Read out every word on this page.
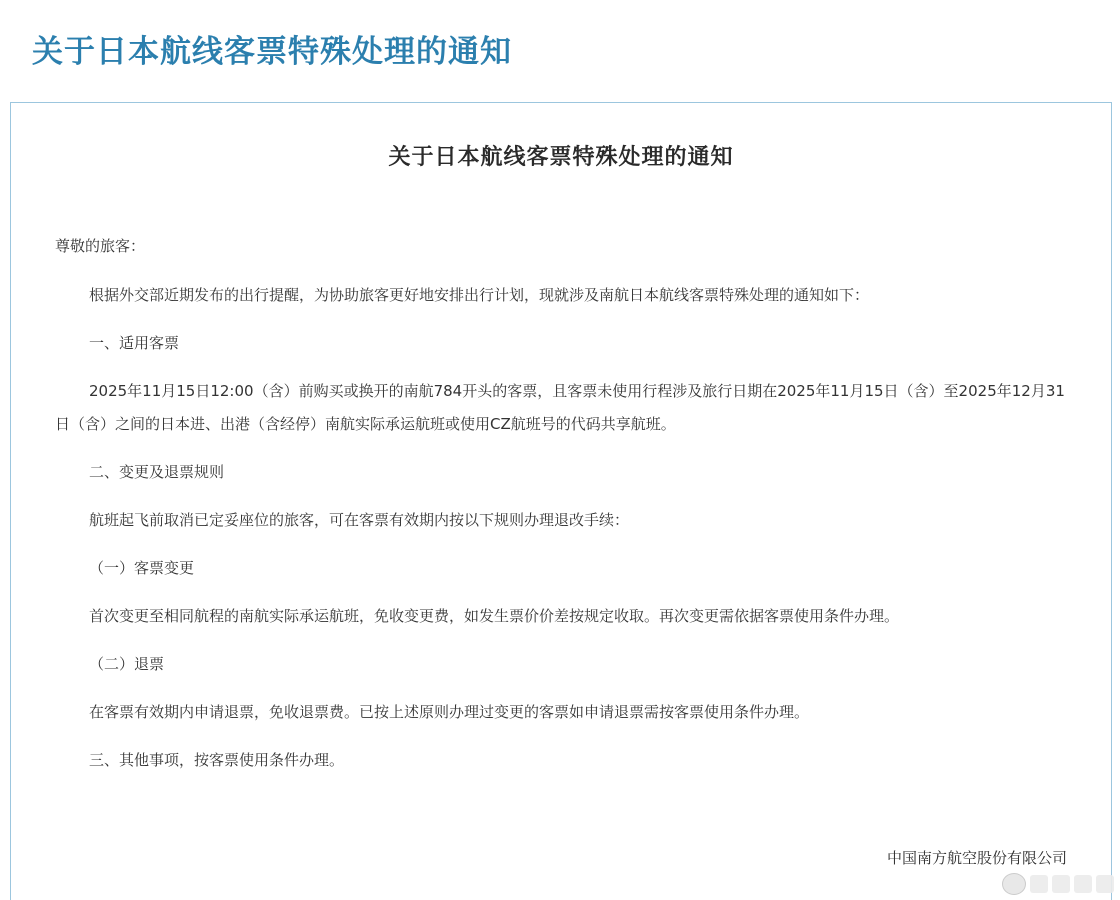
关于日本航线客票特殊处理的通知
关于日本航线客票特殊处理的通知

尊敬的旅客：

根据外交部近期发布的出行提醒，为协助旅客更好地安排出行计划，现就涉及南航日本航线客票特殊处理的通知如下：

一、适用客票

2025年11月15日12:00（含）前购买或换开的南航784开头的客票，且客票未使用行程涉及旅行日期在2025年11月15日（含）至2025年12月31日（含）之间的日本进、出港（含经停）南航实际承运航班或使用CZ航班号的代码共享航班。

二、变更及退票规则

航班起飞前取消已定妥座位的旅客，可在客票有效期内按以下规则办理退改手续：

（一）客票变更

首次变更至相同航程的南航实际承运航班，免收变更费，如发生票价价差按规定收取。再次变更需依据客票使用条件办理。

（二）退票

在客票有效期内申请退票，免收退票费。已按上述原则办理过变更的客票如申请退票需按客票使用条件办理。

三、其他事项，按客票使用条件办理。

中国南方航空股份有限公司
